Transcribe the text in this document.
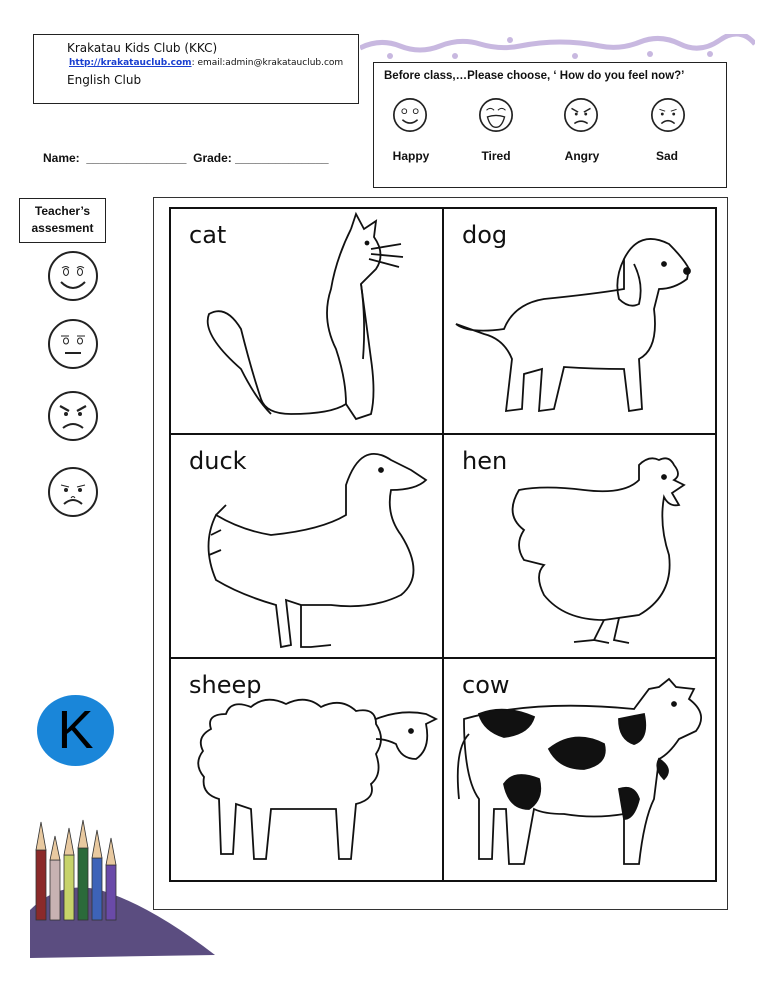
Krakatau Kids Club (KKC)
http://krakatauclub.com: email:admin@krakatauclub.com
English Club
Name:  _______________  Grade: ______________
Before class,…Please choose, ‘ How do you feel now?’
Happy	Tired	Angry	Sad
Teacher’s assesment
K
cat	dog
duck	hen
sheep	cow
